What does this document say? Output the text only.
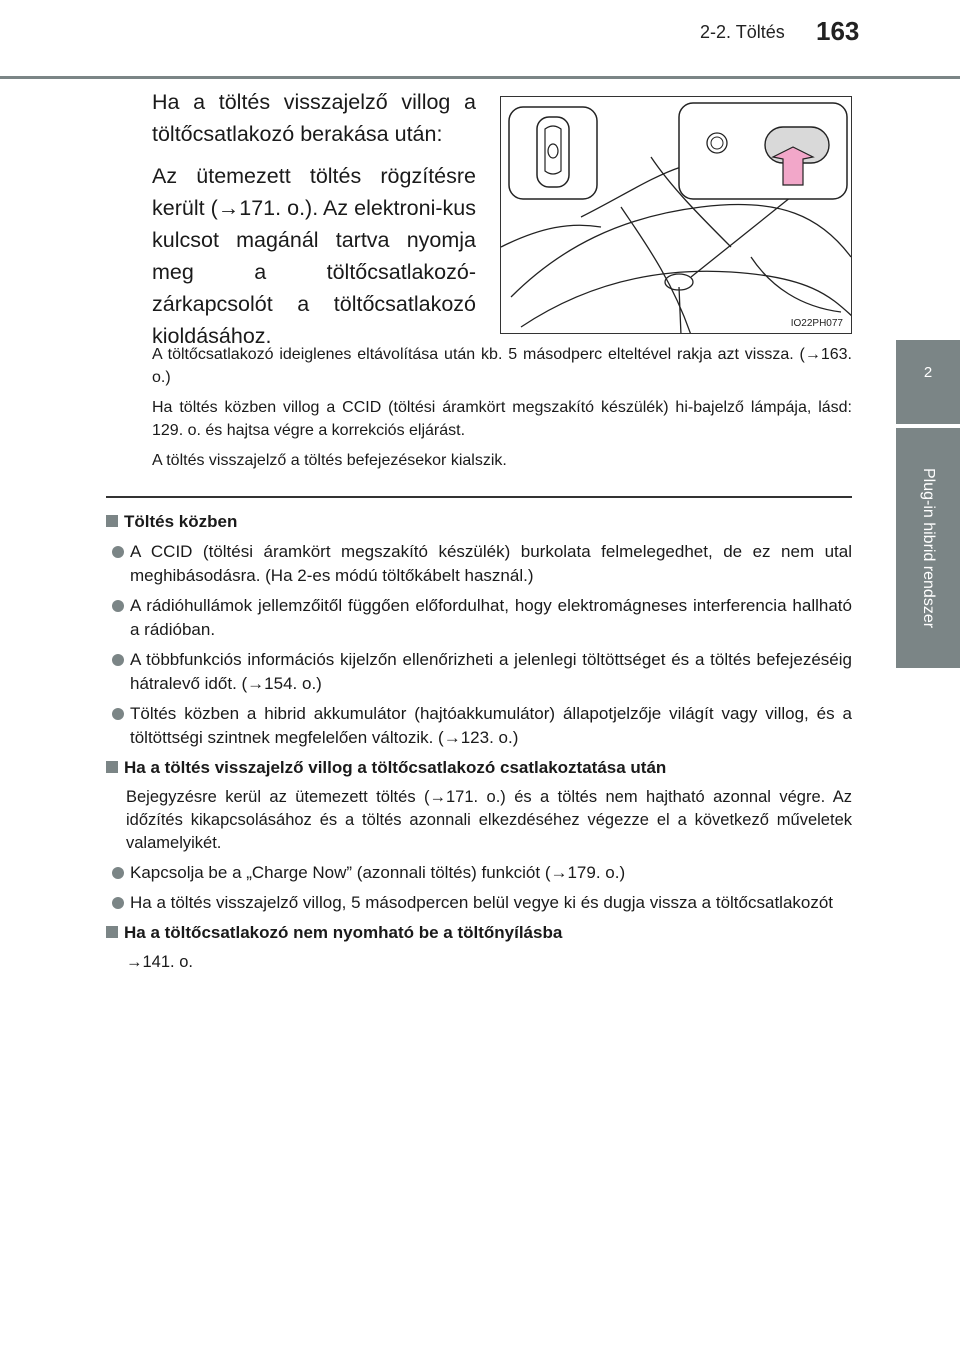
2-2. Töltés 163
2
Plug-in hibrid rendszer

Ha a töltés visszajelző villog a töltőcsatlakozó berakása után:

Az ütemezett töltés rögzítésre került (→171. o.). Az elektroni-kus kulcsot magánál tartva nyomja meg a töltőcsatlakozó-zárkapcsolót a töltőcsatlakozó kioldásához.

IO22PH077

A töltőcsatlakozó ideiglenes eltávolítása után kb. 5 másodperc elteltével rakja azt vissza. (→163. o.)

Ha töltés közben villog a CCID (töltési áramkört megszakító készülék) hi-bajelző lámpája, lásd: 129. o. és hajtsa végre a korrekciós eljárást.

A töltés visszajelző a töltés befejezésekor kialszik.

Töltés közben
A CCID (töltési áramkört megszakító készülék) burkolata felmelegedhet, de ez nem utal meghibásodásra. (Ha 2-es módú töltőkábelt használ.)
A rádióhullámok jellemzőitől függően előfordulhat, hogy elektromágneses interferencia hallható a rádióban.
A többfunkciós információs kijelzőn ellenőrizheti a jelenlegi töltöttséget és a töltés befejezéséig hátralevő időt. (→154. o.)
Töltés közben a hibrid akkumulátor (hajtóakkumulátor) állapotjelzője világít vagy villog, és a töltöttségi szintnek megfelelően változik. (→123. o.)
Ha a töltés visszajelző villog a töltőcsatlakozó csatlakoztatása után
Bejegyzésre kerül az ütemezett töltés (→171. o.) és a töltés nem hajtható azonnal végre. Az időzítés kikapcsolásához és a töltés azonnali elkezdéséhez végezze el a következő műveletek valamelyikét.
Kapcsolja be a „Charge Now” (azonnali töltés) funkciót (→179. o.)
Ha a töltés visszajelző villog, 5 másodpercen belül vegye ki és dugja vissza a töltőcsatlakozót
Ha a töltőcsatlakozó nem nyomható be a töltőnyílásba
→141. o.
